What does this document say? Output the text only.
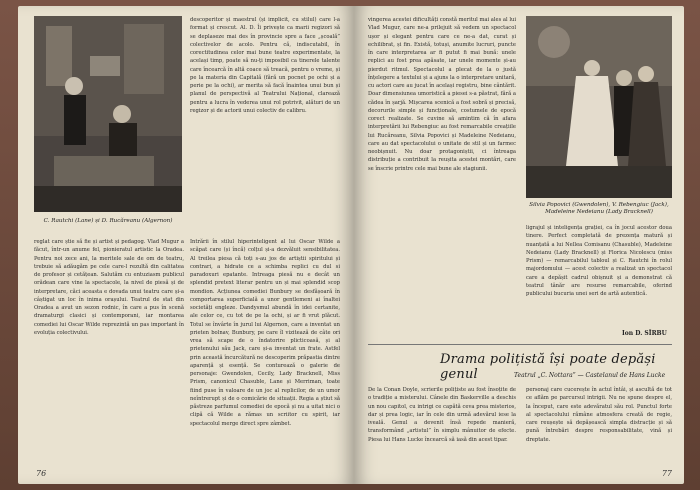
C. Rautchi (Lane) și D. Rucăreanu (Algernon)
descoperitor și maestrul (și implicit, cu stilul) care l-a format și crescut. Al. D. Îi privește ca marii regizori să se deplaseze mai des în provincie spre a face „școală” colectivelor de acolo. Pentru că, indiscutabil, în corectitudinea celor mai bune teatre experimentate, la același timp, poate să nu-ți imposibil ca tinerele talente care încearcă în altă coace să treacă, pentru o vreme, și pe la materia din Capitală (fără un pocnet pe ochi și a perie pe la ochi), ar merita să facă înaintea unui bun și planul de perspectivă al Teatrului Național, clarează pentru a lucra în vederea unui rol potrivit, alături de un regizor și de actorii unui colectiv de calibru.
reglat care știe să fie și artist și pedagog. Vlad Mugur a făcut, într-un anume fel, pionieratul artistic la Oradea. Pentru noi zece ani, la meritele sale de om de teatru, trebuie să adăugăm pe cele care-l rezultă din calitatea de profesor și cetățean. Salutăm cu entuziasm publicul orădean care vine la spectacole, la nivel de piesă și de interpretare, căci aceasta e dovada unui teatru care și-a câștigat un loc în inima orașului. Teatrul de stat din Oradea a avut un sezon rodnic, în care a pus în scenă dramaturgi clasici și contemporani, iar montarea comediei lui Oscar Wilde reprezintă un pas important în evoluția colectivului.
Intrării în stilul hiperinteligent al lui Oscar Wilde a scăpat care (și încă) colțul și-a dezvăluit sensibilitatea. Al treilea piesa că toți s-au jos de artiștii spiritului și contrari, a hidrate ce a schimba replici cu dul si paradoxuri epatante. Intreaga piesă nu e decât un splendid pretext literar pentru un și mai splendid scop mondion. Acțiunea comediei Bunbury se desfășoară în comportarea superficială a unor gentlemeni ai înaltei societăți engleze. Dandysmul abundă în idei certanite, ale celor ce, cu tot de pe la ochi, și ar fi vrut plăcut. Totul se învârte în jurul lui Algernon, care a inventat un prieten bolnav, Bunbury, pe care îl vizitează de câte ori vrea să scape de o îndatorire plicticoasă, și al prietenului său Jack, care și-a inventat un frate. Astfel prin această încurcătură ne descoperim prăpastia dintre aparență și esență. Se conturează o galerie de personaje: Gwendolen, Cecily, Lady Bracknell, Miss Prism, canonicul Chasuble, Lane și Merriman, toate fiind puse în valoare de un joc al replicilor, de un umor neîntrerupt și de o comicărie de situații. Regia a știut să păstreze parfumul comediei de epocă și nu a uitat nici o clipă că Wilde a rămas un scriitor cu spirit, iar spectacolul merge direct spre zâmbet.
76
vingerea acestei dificultăți constă meritul mai ales al lui Vlad Mugur, care ne-a prilejuit să vedem un spectacol ușor și elegant pentru care ce ne-a dat, curat și echilibrat, și fin. Există, totuși, anumite lucruri, puncte în care interpretarea ar fi putut fi mai bună: unele replici au fost prea apăsate, iar unele momente și-au pierdut ritmul. Spectacolul a plecat de la o justă înțelegere a textului și a ajuns la o interpretare unitară, cu actori care au jucat în același registru, bine cântărit. Doar dimensiunea umoristică a piesei s-a păstrat, fără a cădea în șarjă. Mișcarea scenică a fost sobră și precisă, decorurile simple și funcționale, costumele de epocă corect realizate. Se cuvine să amintim că în afara interpretării lui Rebengiuc au fost remarcabile creațiile lui Rucăreanu, Silvia Popovici și Madeleine Nedeianu, care au dat spectacolului o unitate de stil și un farmec neobișnuit. Nu doar protagoniștii, ci întreaga distribuție a contribuit la reușita acestei montări, care se înscrie printre cele mai bune ale stagiunii.
Silvia Popovici (Gwendolen), V. Rebengiuc (Jack), Madeleine Nedeianu (Lady Bracknell)
ligrajul și inteligența grației, ca în jocul acestor doua tinere. Perfect completată de prezența matură și nuanțată a lui Nellea Comisanu (Chasuble), Madeleine Nedeianu (Lady Bracknell) și Florica Nicolescu (miss Prism) — remarcabilul tabloul și C. Rautchi în rolul majordomului — acest colectiv a realizat un spectacol care a depășit cadrul obișnuit și a demonstrat că teatrul tânăr are resurse remarcabile, oferind publicului bucuria unei seri de artă autentică.
Ion D. SÎRBU
Drama polițistă își poate depăși genul	Teatrul „C. Nottara” — Castelanul de Hans Lucke
De la Conan Doyle, scrierile polițiste au fost însoțite de o tradiție a misterului. Cânele din Baskerville a deschis un nou capitol, cu intrigi ce capătă ceva prea misterios, dar și prea logic, iar în cele din urmă adevărul iese la iveală. Genul a devenit însă repede manieră, transformând „artistul” în simplu mânuitor de efecte. Piesa lui Hans Lucke încearcă să iasă din acest tipar.
personaj care cucerește în actul întâi, și ascultă de tot ce aflăm pe parcursul intrigii. Nu ne spune despre el, la început, care este adevăratul său rol. Punctul forte al spectacolului rămâne atmosfera creată de regie, care reușește să depășească simpla distracție și să pună întrebări despre responsabilitate, vină și dreptate.
77
